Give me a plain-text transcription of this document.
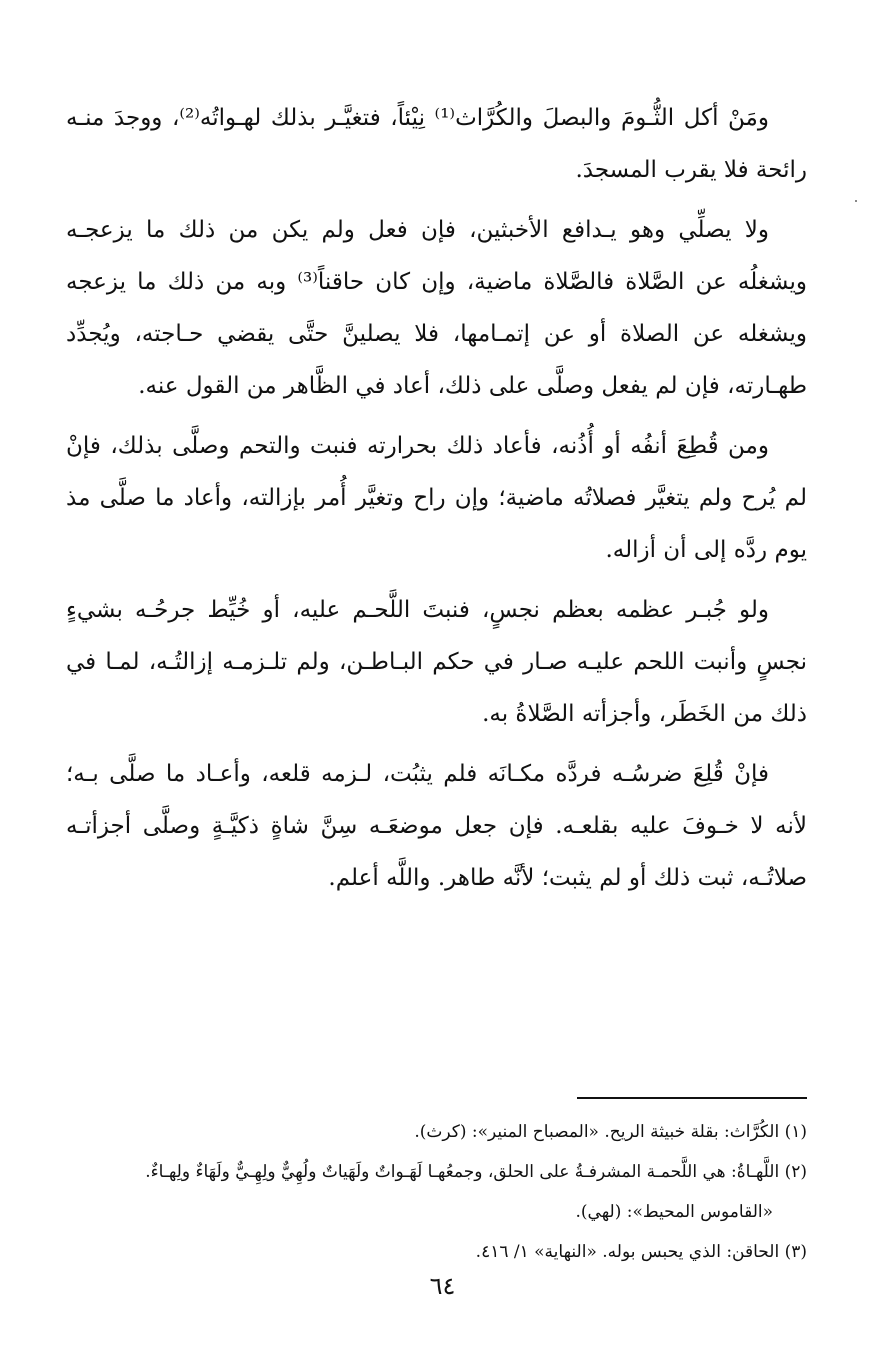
ومَنْ أكل الثُّـومَ والبصلَ والكُرَّاث⁽¹⁾ نِيْئاً، فتغيَّـر بذلك لهـواتُه⁽²⁾، ووجدَ منـه رائحة فلا يقرب المسجدَ.

ولا يصلِّي وهو يـدافع الأخبثين، فإن فعل ولم يكن من ذلك ما يزعجـه ويشغلُه عن الصَّلاة فالصَّلاة ماضية، وإن كان حاقناً⁽³⁾ وبه من ذلك ما يزعجه ويشغله عن الصلاة أو عن إتمـامها، فلا يصلينَّ حتَّى يقضي حـاجته، ويُجدِّد طهـارته، فإن لم يفعل وصلَّى على ذلك، أعاد في الظَّاهر من القول عنه.

ومن قُطِعَ أنفُه أو أُذُنه، فأعاد ذلك بحرارته فنبت والتحم وصلَّى بذلك، فإنْ لم يُرح ولم يتغيَّر فصلاتُه ماضية؛ وإن راح وتغيَّر أُمر بإزالته، وأعاد ما صلَّى مذ يوم ردَّه إلى أن أزاله.

ولو جُبـر عظمه بعظم نجسٍ، فنبتَ اللَّحـم عليه، أو خُيِّط جرحُـه بشيءٍ نجسٍ وأنبت اللحم عليـه صـار في حكم البـاطـن، ولم تلـزمـه إزالتُـه، لمـا في ذلك من الخَطَر، وأجزأته الصَّلاةُ به.

فإنْ قُلِعَ ضرسُـه فردَّه مكـانَه فلم يثبُت، لـزمه قلعه، وأعـاد ما صلَّى بـه؛ لأنه لا خـوفَ عليه بقلعـه. فإن جعل موضعَـه سِنَّ شاةٍ ذكيَّـةٍ وصلَّى أجزأتـه صلاتُـه، ثبت ذلك أو لم يثبت؛ لأنَّه طاهر. واللَّه أعلم.

(١) الكُرَّاث: بقلة خبيثة الريح. «المصباح المنير»: (كرث).

(٢) اللَّهـاةُ: هي اللَّحمـة المشرفـةُ على الحلق، وجمعُهـا لَهَـواتٌ ولَهَياتٌ ولُهِيٌّ ولِهِـيٌّ ولَهَاءٌ ولِهـاءٌ.

«القاموس المحيط»: (لهي).

(٣) الحاقن: الذي يحبس بوله. «النهاية» ١/ ٤١٦.

٦٤
